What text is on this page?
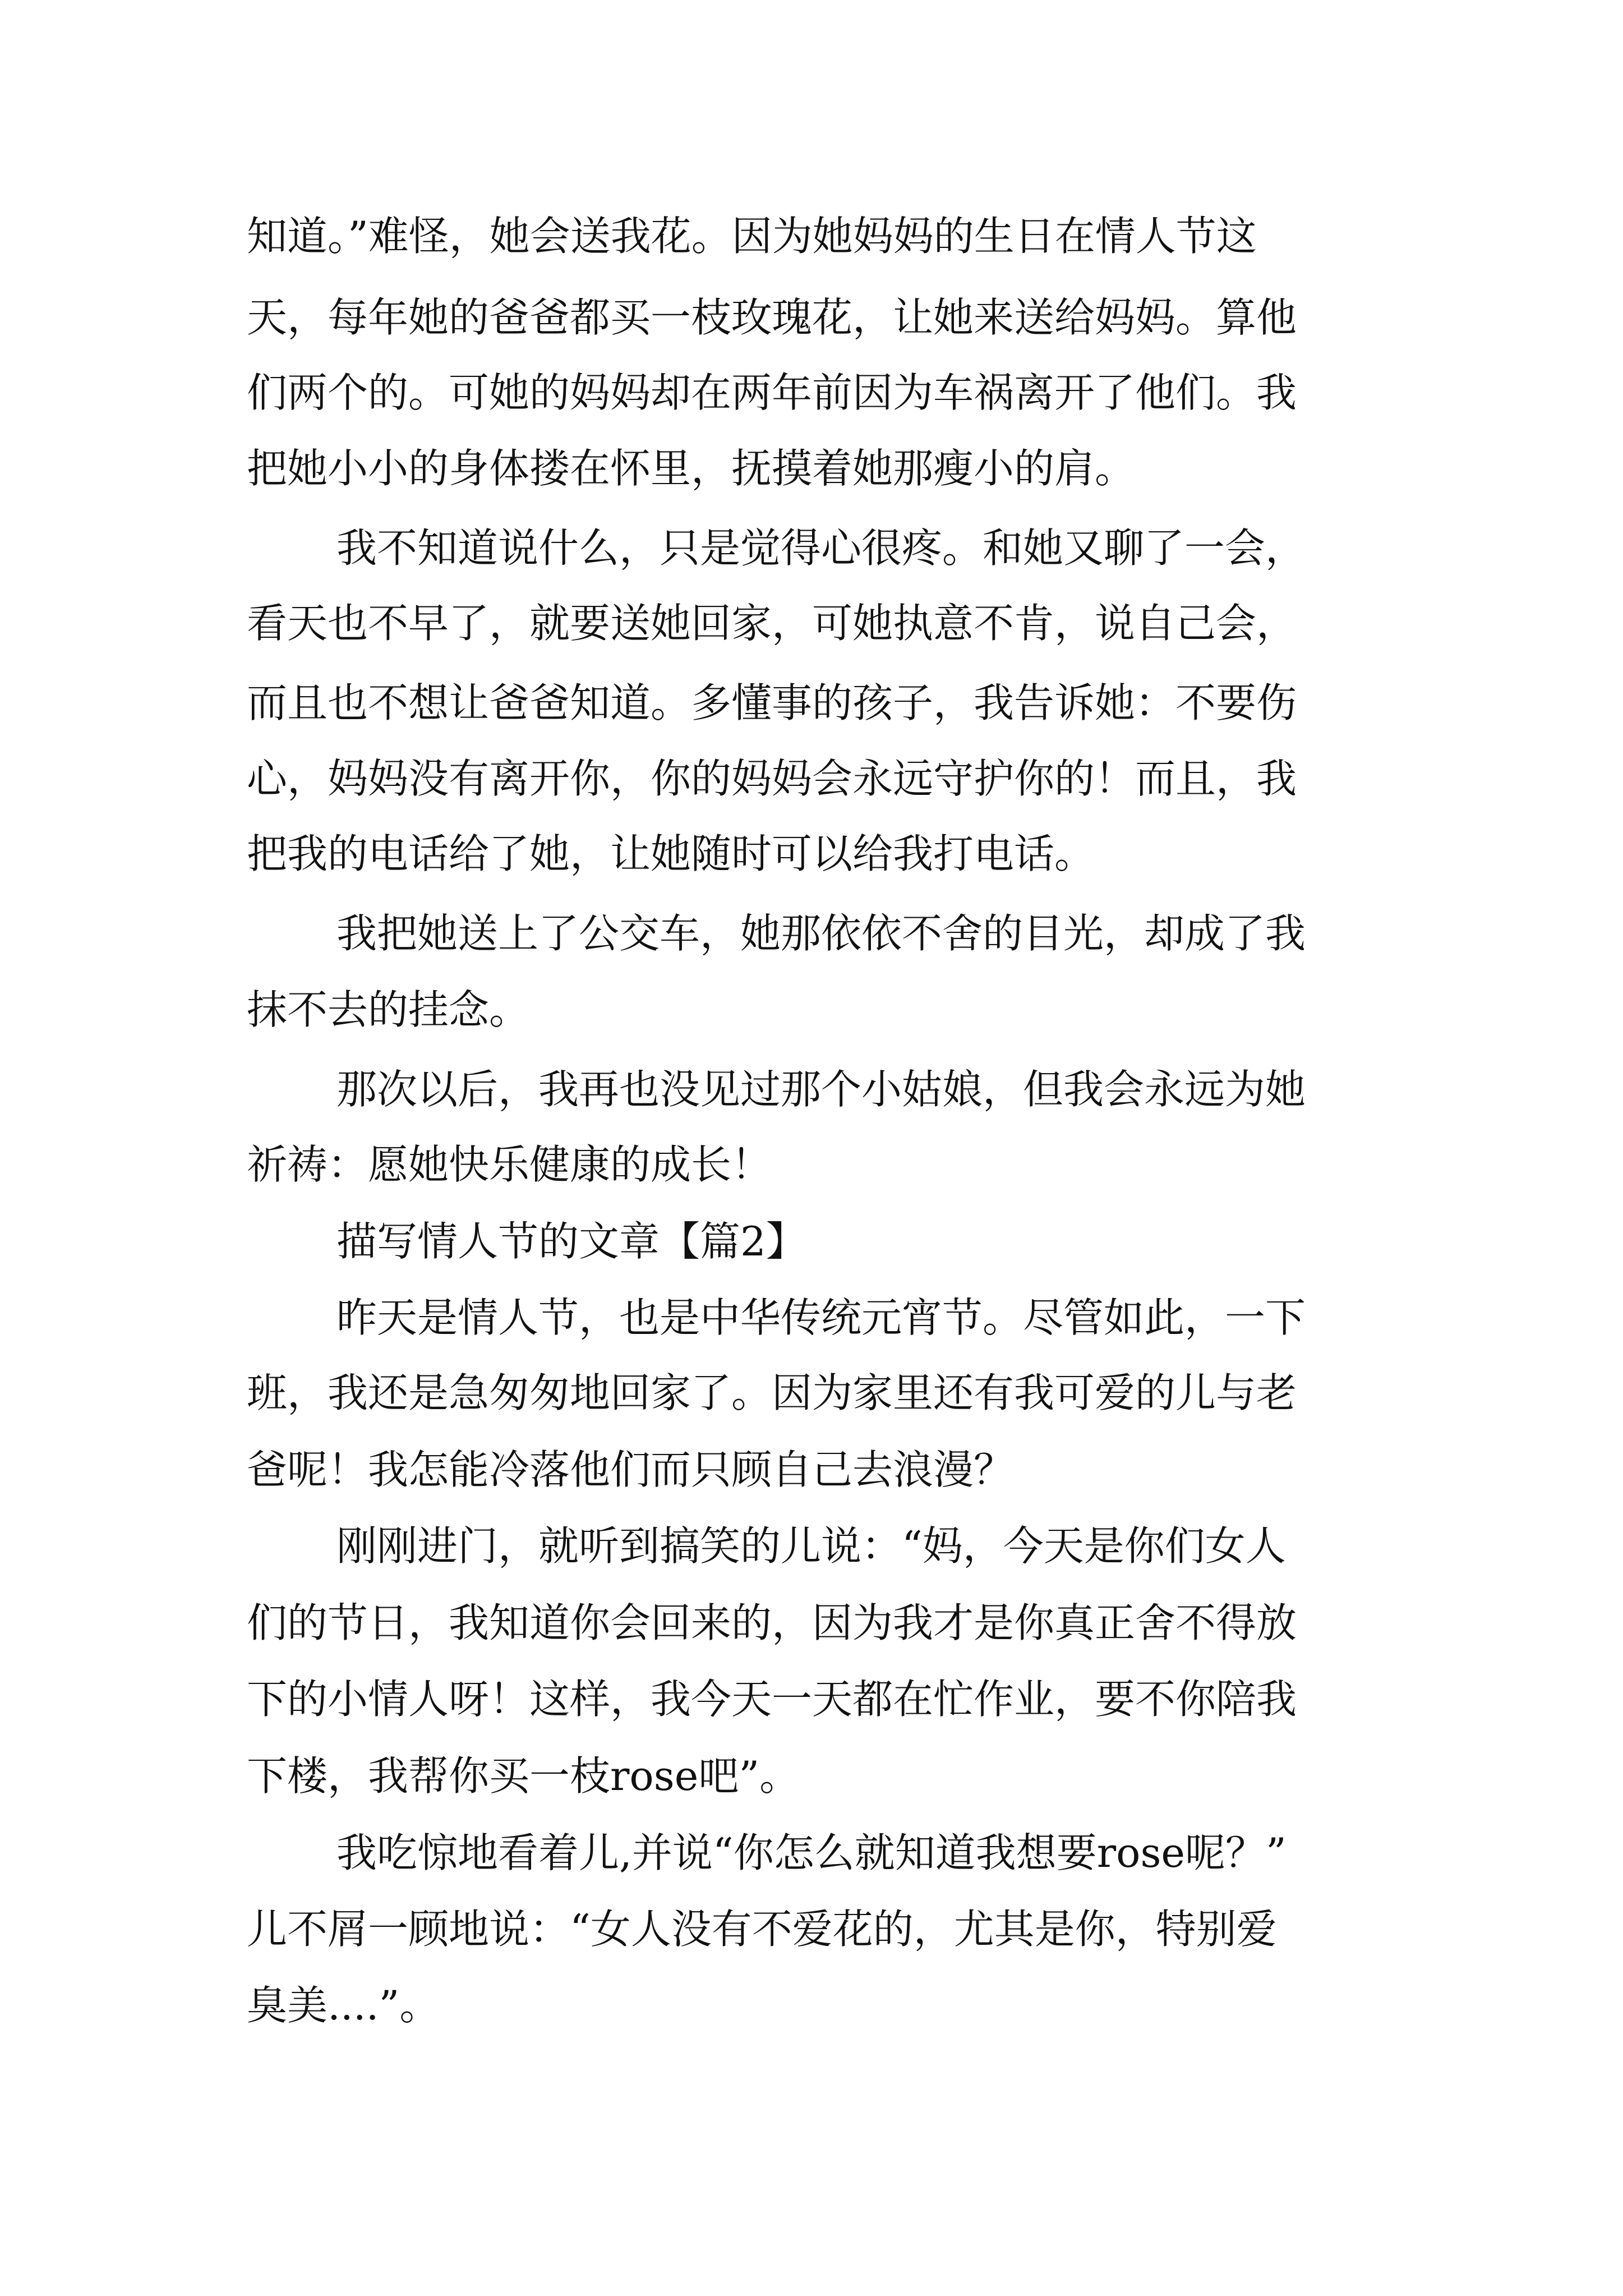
知道。”难怪，她会送我花。因为她妈妈的生日在情人节这
天，每年她的爸爸都买一枝玫瑰花，让她来送给妈妈。算他
们两个的。可她的妈妈却在两年前因为车祸离开了他们。我
把她小小的身体搂在怀里，抚摸着她那瘦小的肩。
我不知道说什么，只是觉得心很疼。和她又聊了一会，
看天也不早了，就要送她回家，可她执意不肯，说自己会，
而且也不想让爸爸知道。多懂事的孩子，我告诉她：不要伤
心，妈妈没有离开你，你的妈妈会永远守护你的！而且，我
把我的电话给了她，让她随时可以给我打电话。
我把她送上了公交车，她那依依不舍的目光，却成了我
抹不去的挂念。
那次以后，我再也没见过那个小姑娘，但我会永远为她
祈祷：愿她快乐健康的成长！
描写情人节的文章【篇2】
昨天是情人节，也是中华传统元宵节。尽管如此，一下
班，我还是急匆匆地回家了。因为家里还有我可爱的儿与老
爸呢！我怎能冷落他们而只顾自己去浪漫？
刚刚进门，就听到搞笑的儿说：“妈，今天是你们女人
们的节日，我知道你会回来的，因为我才是你真正舍不得放
下的小情人呀！这样，我今天一天都在忙作业，要不你陪我
下楼，我帮你买一枝rose吧”。
我吃惊地看着儿,并说“你怎么就知道我想要rose呢？”
儿不屑一顾地说：“女人没有不爱花的，尤其是你，特别爱
臭美....”。
